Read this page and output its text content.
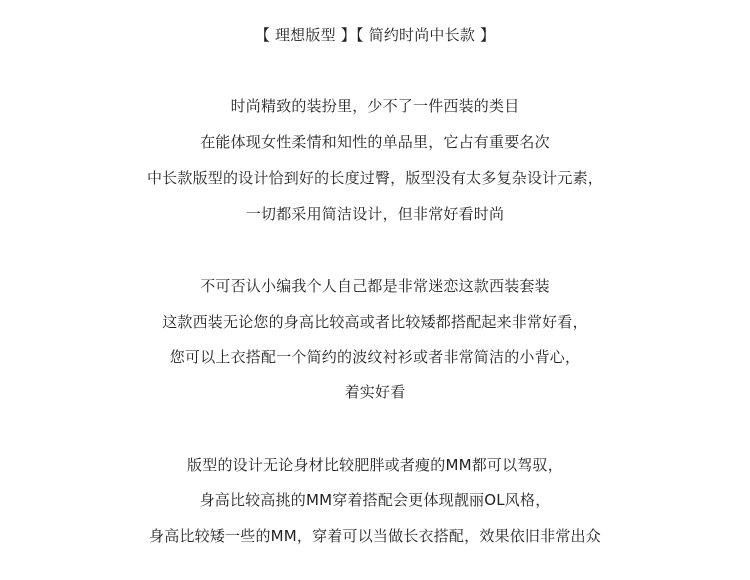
【 理想版型 】【 简约时尚中长款 】
时尚精致的装扮里，少不了一件西装的类目
在能体现女性柔情和知性的单品里，它占有重要名次
中长款版型的设计恰到好的长度过臀，版型没有太多复杂设计元素，
一切都采用简洁设计，但非常好看时尚
不可否认小编我个人自己都是非常迷恋这款西装套装
这款西装无论您的身高比较高或者比较矮都搭配起来非常好看，
您可以上衣搭配一个简约的波纹衬衫或者非常简洁的小背心，
着实好看
版型的设计无论身材比较肥胖或者瘦的MM都可以驾驭，
身高比较高挑的MM穿着搭配会更体现靓丽OL风格，
身高比较矮一些的MM，穿着可以当做长衣搭配，效果依旧非常出众
